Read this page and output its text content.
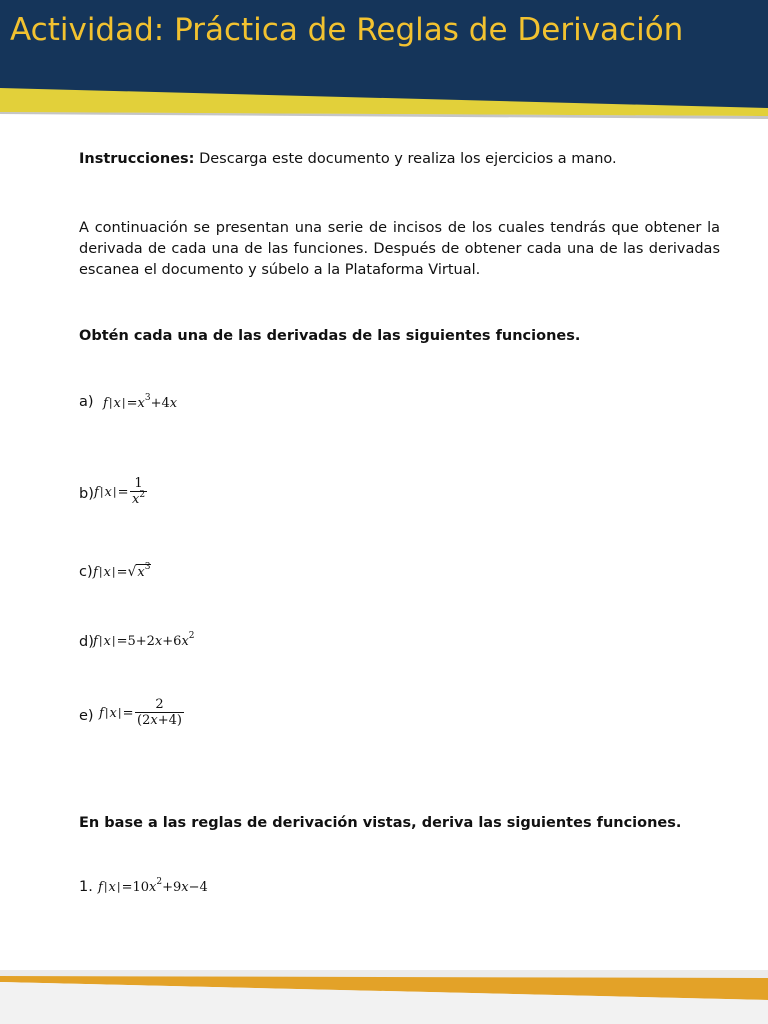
Actividad: Práctica de Reglas de Derivación

Instrucciones: Descarga este documento y realiza los ejercicios a mano.

A continuación se presentan una serie de incisos de los cuales tendrás que obtener la derivada de cada una de las funciones. Después de obtener cada una de las derivadas escanea el documento y súbelo a la Plataforma Virtual.

Obtén cada una de las derivadas de las siguientes funciones.

a) $f|x|=x^3+4x$
b) $f|x|= \frac{1}{x^2}$
c) $f|x|=√x^3$
d) $f|x|=5+2x+6x^2$
e) $f|x|= \frac{2}{(2x+4)}$

En base a las reglas de derivación vistas, deriva las siguientes funciones.

1. $f|x|=10x^2+9x-4$
